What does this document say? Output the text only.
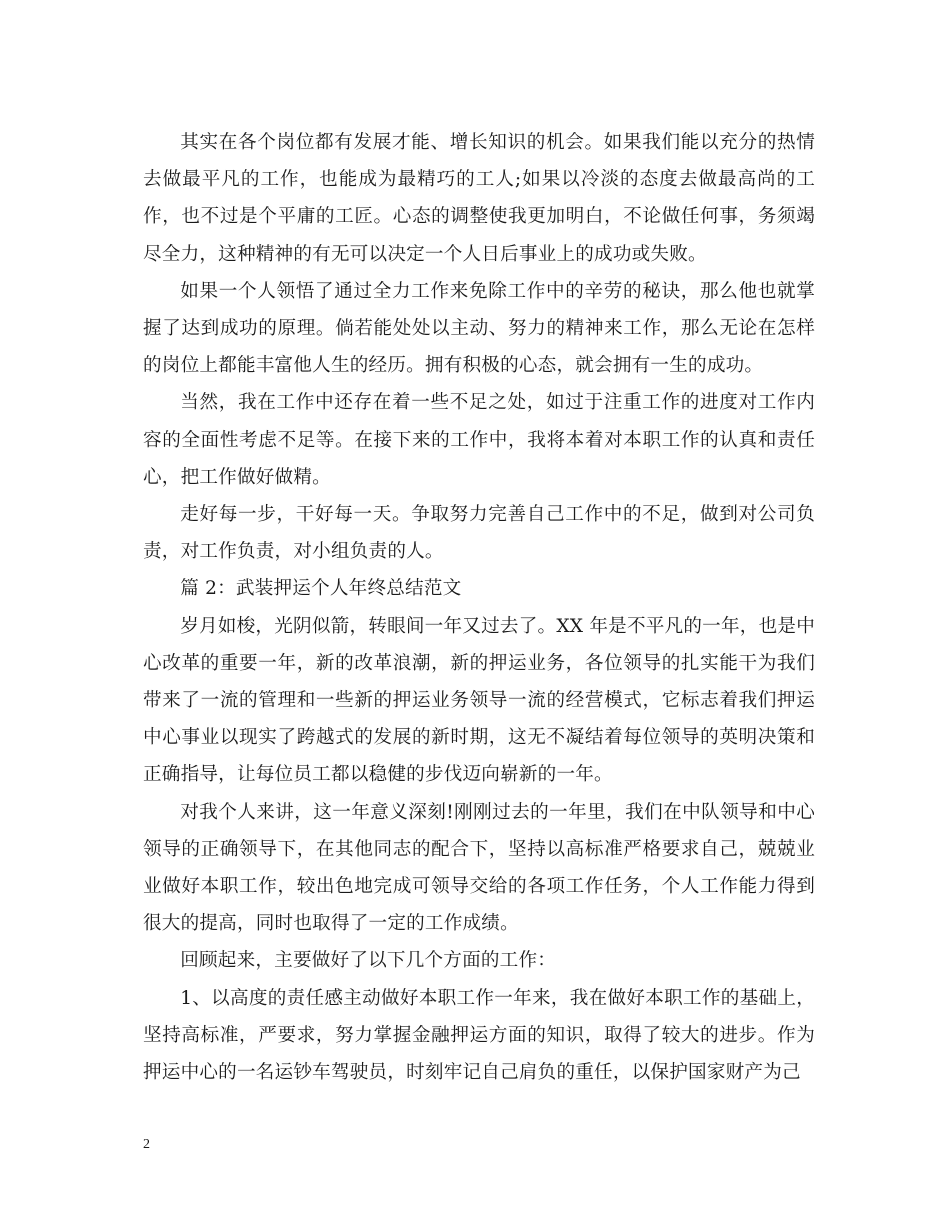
其实在各个岗位都有发展才能、增长知识的机会。如果我们能以充分的热情去做最平凡的工作，也能成为最精巧的工人;如果以冷淡的态度去做最高尚的工作，也不过是个平庸的工匠。心态的调整使我更加明白，不论做任何事，务须竭尽全力，这种精神的有无可以决定一个人日后事业上的成功或失败。

如果一个人领悟了通过全力工作来免除工作中的辛劳的秘诀，那么他也就掌握了达到成功的原理。倘若能处处以主动、努力的精神来工作，那么无论在怎样的岗位上都能丰富他人生的经历。拥有积极的心态，就会拥有一生的成功。

当然，我在工作中还存在着一些不足之处，如过于注重工作的进度对工作内容的全面性考虑不足等。在接下来的工作中，我将本着对本职工作的认真和责任心，把工作做好做精。

走好每一步，干好每一天。争取努力完善自己工作中的不足，做到对公司负责，对工作负责，对小组负责的人。

篇 2：武装押运个人年终总结范文

岁月如梭，光阴似箭，转眼间一年又过去了。XX 年是不平凡的一年，也是中心改革的重要一年，新的改革浪潮，新的押运业务，各位领导的扎实能干为我们带来了一流的管理和一些新的押运业务领导一流的经营模式，它标志着我们押运中心事业以现实了跨越式的发展的新时期，这无不凝结着每位领导的英明决策和正确指导，让每位员工都以稳健的步伐迈向崭新的一年。

对我个人来讲，这一年意义深刻!刚刚过去的一年里，我们在中队领导和中心领导的正确领导下，在其他同志的配合下，坚持以高标准严格要求自己，兢兢业业做好本职工作，较出色地完成可领导交给的各项工作任务，个人工作能力得到很大的提高，同时也取得了一定的工作成绩。

回顾起来，主要做好了以下几个方面的工作：

1、以高度的责任感主动做好本职工作一年来，我在做好本职工作的基础上，坚持高标准，严要求，努力掌握金融押运方面的知识，取得了较大的进步。作为押运中心的一名运钞车驾驶员，时刻牢记自己肩负的重任，以保护国家财产为己

2
